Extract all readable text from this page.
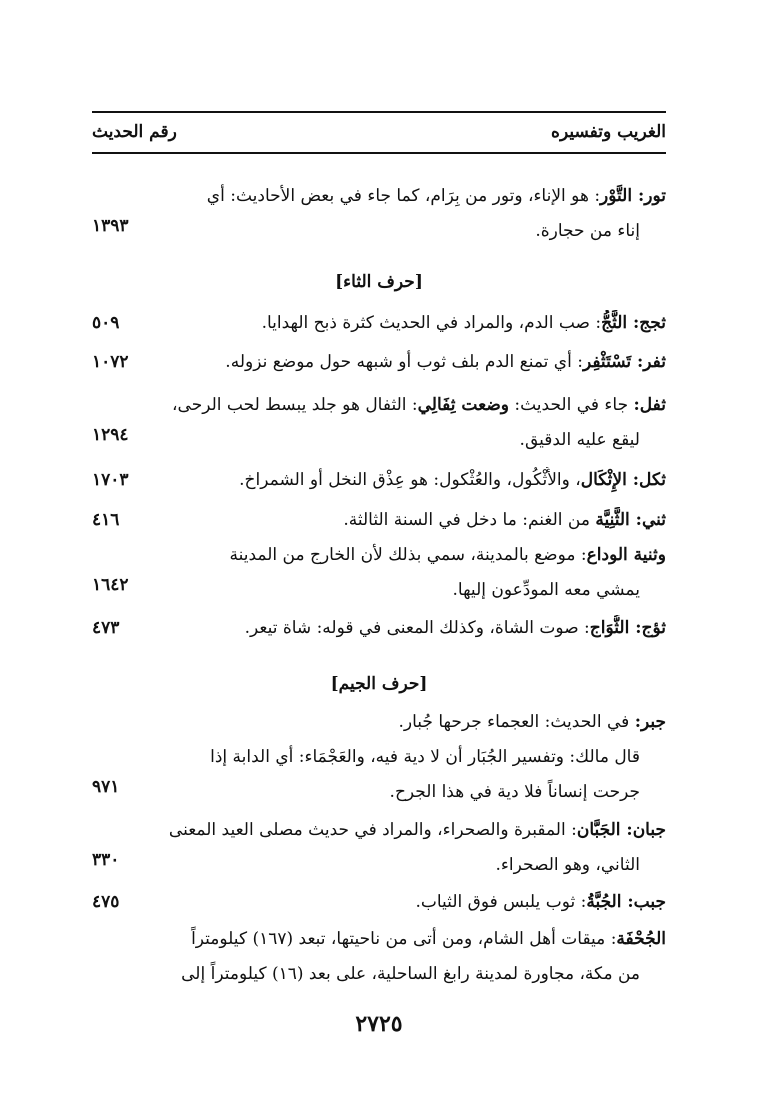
الغريب وتفسيره
رقم الحديث
تور: التَّوْر: هو الإناء، وتور من بِرَام، كما جاء في بعض الأحاديث: أي
إناء من حجارة.
١٣٩٣
[حرف الثاء]
ثجج: الثَّجُّ: صب الدم، والمراد في الحديث كثرة ذبح الهدايا.
٥٠٩
ثفر: تَسْتَثْفِر: أي تمنع الدم بلف ثوب أو شبهه حول موضع نزوله.
١٠٧٢
ثفل: جاء في الحديث: وضعت ثِفَالِي: الثفال هو جلد يبسط لحب الرحى،
ليقع عليه الدقيق.
١٢٩٤
ثكل: الإِثْكَال، والأُثْكُول، والعُثْكول: هو عِذْق النخل أو الشمراخ.
١٧٠٣
ثني: الثَّنِيَّة من الغنم: ما دخل في السنة الثالثة.
٤١٦
وثنية الوداع: موضع بالمدينة، سمي بذلك لأن الخارج من المدينة
يمشي معه المودِّعون إليها.
١٦٤٢
ثؤج: الثُّوَاج: صوت الشاة، وكذلك المعنى في قوله: شاة تيعر.
٤٧٣
[حرف الجيم]
جبر: في الحديث: العجماء جرحها جُبار.
قال مالك: وتفسير الجُبَار أن لا دية فيه، والعَجْمَاء: أي الدابة إذا
جرحت إنساناً فلا دية في هذا الجرح.
٩٧١
جبان: الجَبَّان: المقبرة والصحراء، والمراد في حديث مصلى العيد المعنى
الثاني، وهو الصحراء.
٣٣٠
جبب: الجُبَّةُ: ثوب يلبس فوق الثياب.
٤٧٥
الجُحْفَة: ميقات أهل الشام، ومن أتى من ناحيتها، تبعد (١٦٧) كيلومتراً
من مكة، مجاورة لمدينة رابغ الساحلية، على بعد (١٦) كيلومتراً إلى
٢٧٢٥
